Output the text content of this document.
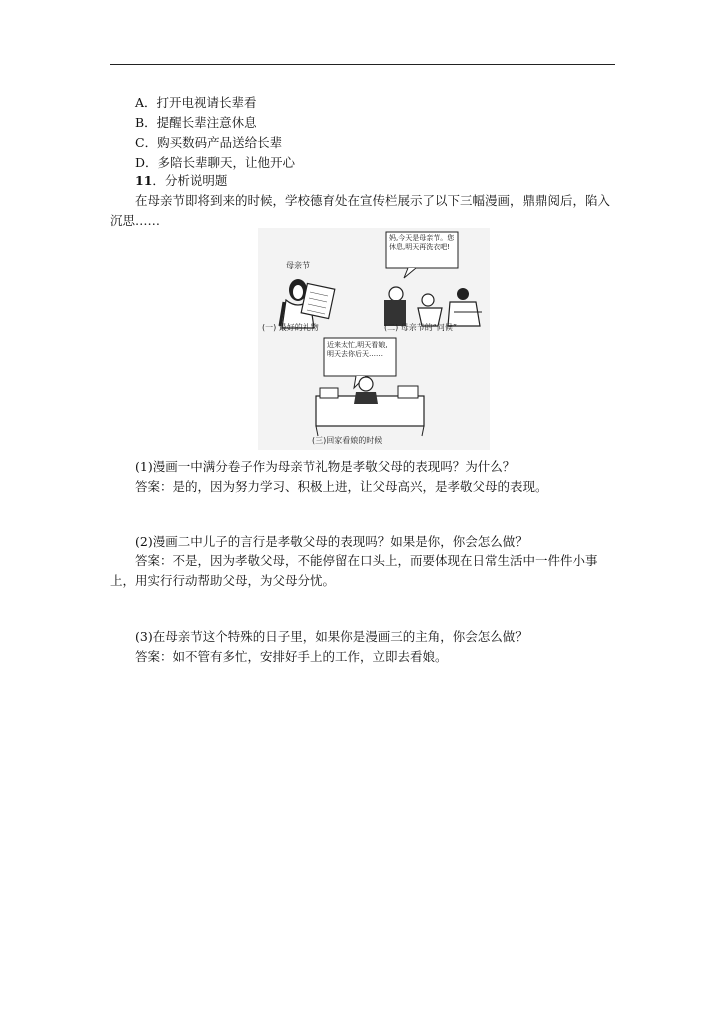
A．打开电视请长辈看
B．提醒长辈注意休息
C．购买数码产品送给长辈
D．多陪长辈聊天，让他开心
11．分析说明题
在母亲节即将到来的时候，学校德育处在宣传栏展示了以下三幅漫画，鼎鼎阅后，陷入沉思……
母亲节
(一) 最好的礼物
妈,今天是母亲节。您休息,明天再洗衣吧!
(二) 母亲节的“问候”
近来太忙,明天看娘,明天去你后天……
(三)回家看娘的时候
(1)漫画一中满分卷子作为母亲节礼物是孝敬父母的表现吗？为什么？
答案：是的，因为努力学习、积极上进，让父母高兴，是孝敬父母的表现。
(2)漫画二中儿子的言行是孝敬父母的表现吗？如果是你，你会怎么做？
答案：不是，因为孝敬父母，不能停留在口头上，而要体现在日常生活中一件件小事上，用实行行动帮助父母，为父母分忧。
(3)在母亲节这个特殊的日子里，如果你是漫画三的主角，你会怎么做？
答案：如不管有多忙，安排好手上的工作，立即去看娘。
